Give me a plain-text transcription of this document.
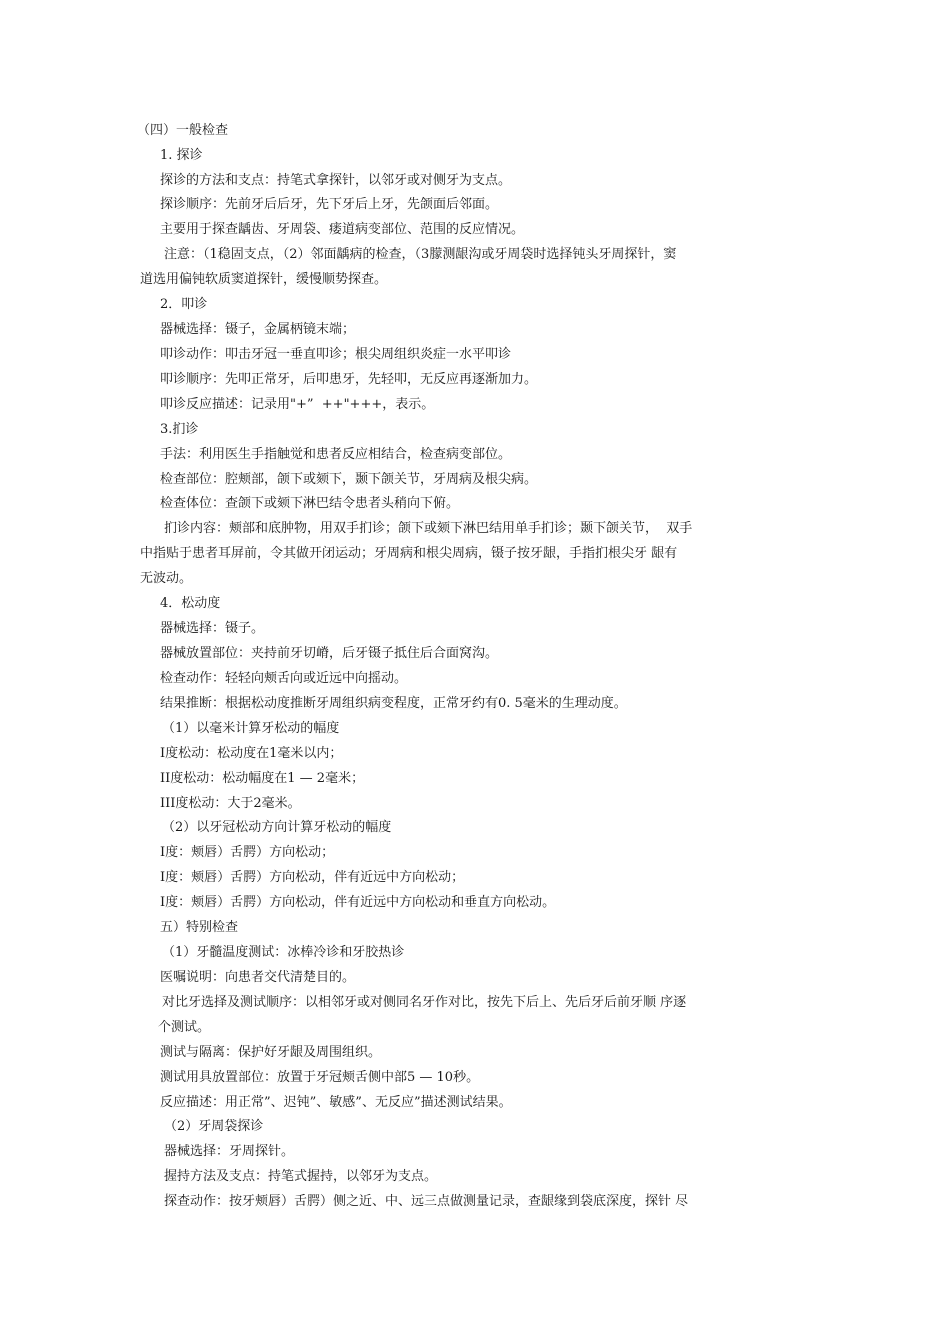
（四）一般检查
1. 探诊
探诊的方法和支点：持笔式拿探针，以邻牙或对侧牙为支点。
探诊顺序：先前牙后后牙，先下牙后上牙，先颌面后邻面。
主要用于探查龋齿、牙周袋、瘘道病变部位、范围的反应情况。
注意：（1稳固支点，（2）邻面龋病的检查，（3朦测龈沟或牙周袋时选择钝头牙周探针，窦
道选用偏钝软质窦道探针，缓慢顺势探查。
2．叩诊
器械选择：镊子，金属柄镜末端；
叩诊动作：叩击牙冠一垂直叩诊；根尖周组织炎症一水平叩诊
叩诊顺序：先叩正常牙，后叩患牙，先轻叩，无反应再逐渐加力。
叩诊反应描述：记录用"+”  ++"+++，表示。
3.扪诊
手法：利用医生手指触觉和患者反应相结合，检查病变部位。
检查部位：腔颊部，颌下或颏下，颞下颌关节，牙周病及根尖病。
检查体位：查颌下或颏下淋巴结令患者头稍向下俯。
扪诊内容：颊部和底肿物，用双手扪诊；颌下或颏下淋巴结用单手扪诊；颞下颌关节，  双手
中指贴于患者耳屏前，令其做开闭运动；牙周病和根尖周病，镊子按牙龈，手指扪根尖牙 龈有
无波动。
4．松动度
器械选择：镊子。
器械放置部位：夹持前牙切嵴，后牙镊子抵住后合面窝沟。
检查动作：轻轻向颊舌向或近远中向摇动。
结果推断：根据松动度推断牙周组织病变程度，正常牙约有0. 5毫米的生理动度。
（1）以毫米计算牙松动的幅度
I度松动：松动度在1毫米以内；
II度松动：松动幅度在1 — 2毫米；
III度松动：大于2毫米。
（2）以牙冠松动方向计算牙松动的幅度
I度：颊唇）舌腭）方向松动；
I度：颊唇）舌腭）方向松动，伴有近远中方向松动；
I度：颊唇）舌腭）方向松动，伴有近远中方向松动和垂直方向松动。
五）特别检查
（1）牙髓温度测试：冰棒冷诊和牙胶热诊
医嘱说明：向患者交代清楚目的。
对比牙选择及测试顺序：以相邻牙或对侧同名牙作对比，按先下后上、先后牙后前牙顺 序逐
个测试。
测试与隔离：保护好牙龈及周围组织。
测试用具放置部位：放置于牙冠颊舌侧中部5 — 10秒。
反应描述：用正常”、迟钝”、敏感”、无反应”描述测试结果。
（2）牙周袋探诊
器械选择：牙周探针。
握持方法及支点：持笔式握持，以邻牙为支点。
探查动作：按牙颊唇）舌腭）侧之近、中、远三点做测量记录，查龈缘到袋底深度，探针 尽
